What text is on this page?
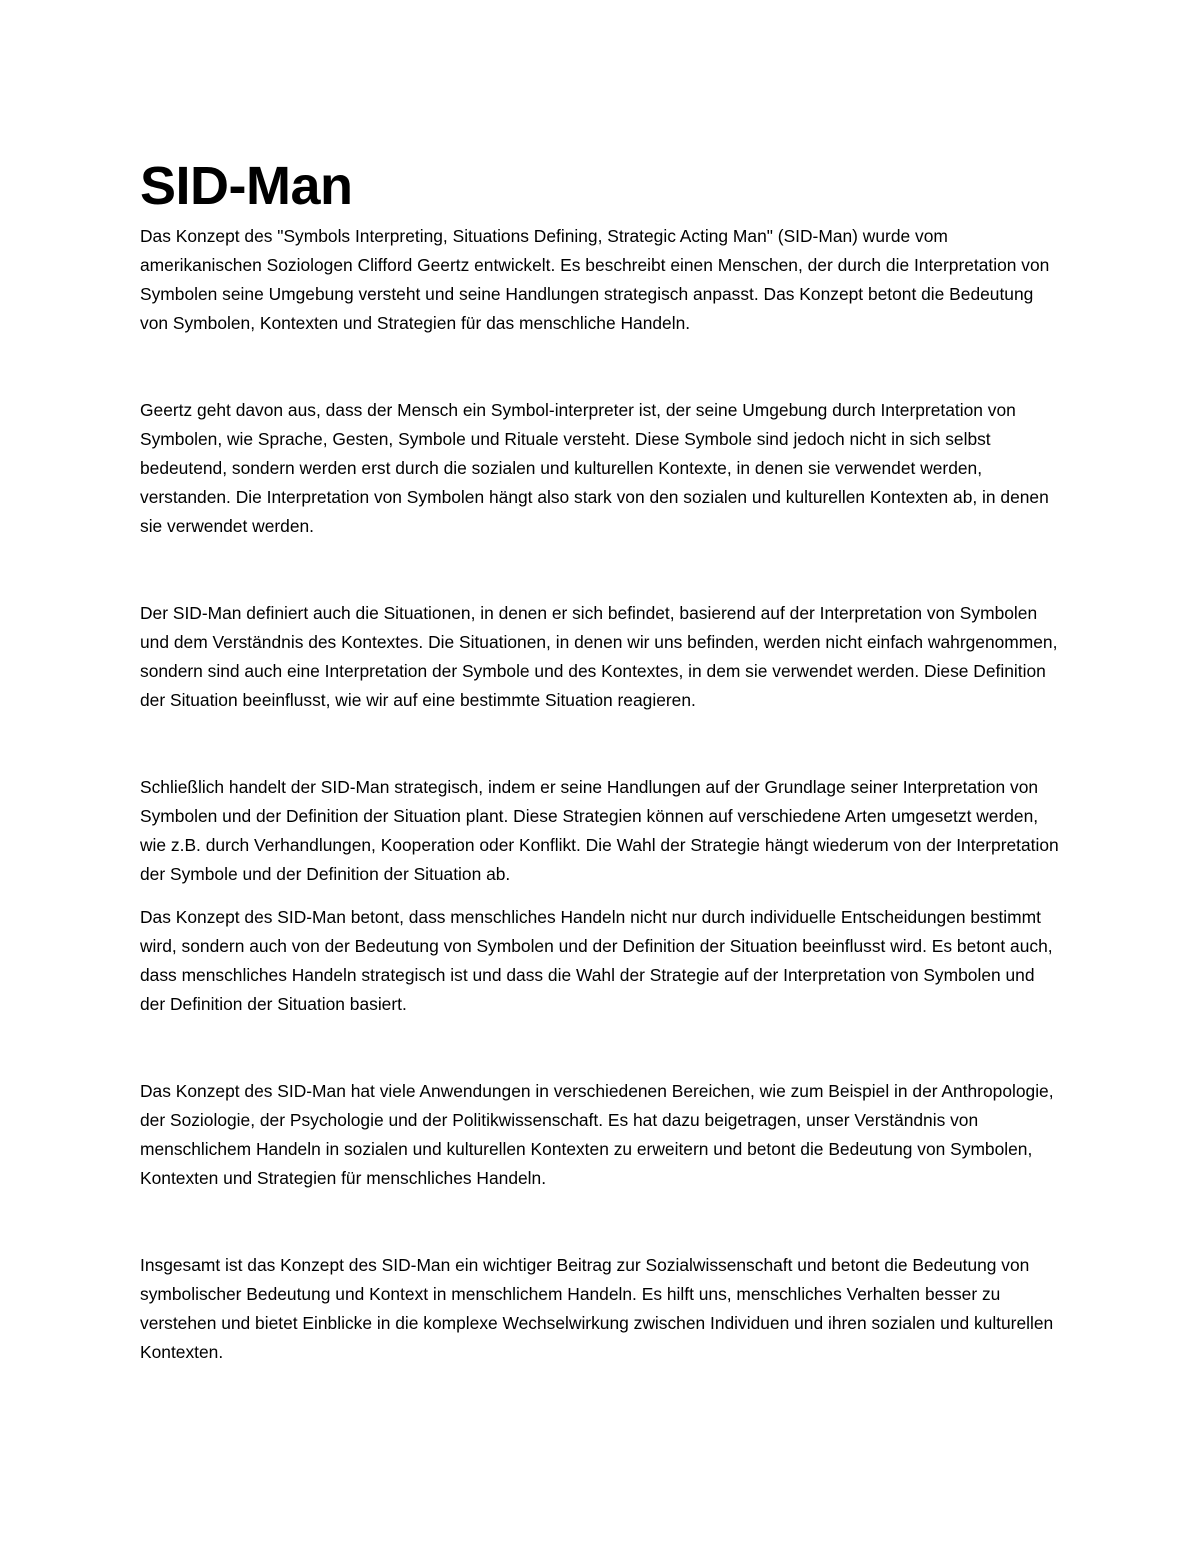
SID-Man

Das Konzept des "Symbols Interpreting, Situations Defining, Strategic Acting Man" (SID-Man) wurde vom amerikanischen Soziologen Clifford Geertz entwickelt. Es beschreibt einen Menschen, der durch die Interpretation von Symbolen seine Umgebung versteht und seine Handlungen strategisch anpasst. Das Konzept betont die Bedeutung von Symbolen, Kontexten und Strategien für das menschliche Handeln.

Geertz geht davon aus, dass der Mensch ein Symbol-interpreter ist, der seine Umgebung durch Interpretation von Symbolen, wie Sprache, Gesten, Symbole und Rituale versteht. Diese Symbole sind jedoch nicht in sich selbst bedeutend, sondern werden erst durch die sozialen und kulturellen Kontexte, in denen sie verwendet werden, verstanden. Die Interpretation von Symbolen hängt also stark von den sozialen und kulturellen Kontexten ab, in denen sie verwendet werden.

Der SID-Man definiert auch die Situationen, in denen er sich befindet, basierend auf der Interpretation von Symbolen und dem Verständnis des Kontextes. Die Situationen, in denen wir uns befinden, werden nicht einfach wahrgenommen, sondern sind auch eine Interpretation der Symbole und des Kontextes, in dem sie verwendet werden. Diese Definition der Situation beeinflusst, wie wir auf eine bestimmte Situation reagieren.

Schließlich handelt der SID-Man strategisch, indem er seine Handlungen auf der Grundlage seiner Interpretation von Symbolen und der Definition der Situation plant. Diese Strategien können auf verschiedene Arten umgesetzt werden, wie z.B. durch Verhandlungen, Kooperation oder Konflikt. Die Wahl der Strategie hängt wiederum von der Interpretation der Symbole und der Definition der Situation ab.

Das Konzept des SID-Man betont, dass menschliches Handeln nicht nur durch individuelle Entscheidungen bestimmt wird, sondern auch von der Bedeutung von Symbolen und der Definition der Situation beeinflusst wird. Es betont auch, dass menschliches Handeln strategisch ist und dass die Wahl der Strategie auf der Interpretation von Symbolen und der Definition der Situation basiert.

Das Konzept des SID-Man hat viele Anwendungen in verschiedenen Bereichen, wie zum Beispiel in der Anthropologie, der Soziologie, der Psychologie und der Politikwissenschaft. Es hat dazu beigetragen, unser Verständnis von menschlichem Handeln in sozialen und kulturellen Kontexten zu erweitern und betont die Bedeutung von Symbolen, Kontexten und Strategien für menschliches Handeln.

Insgesamt ist das Konzept des SID-Man ein wichtiger Beitrag zur Sozialwissenschaft und betont die Bedeutung von symbolischer Bedeutung und Kontext in menschlichem Handeln. Es hilft uns, menschliches Verhalten besser zu verstehen und bietet Einblicke in die komplexe Wechselwirkung zwischen Individuen und ihren sozialen und kulturellen Kontexten.
